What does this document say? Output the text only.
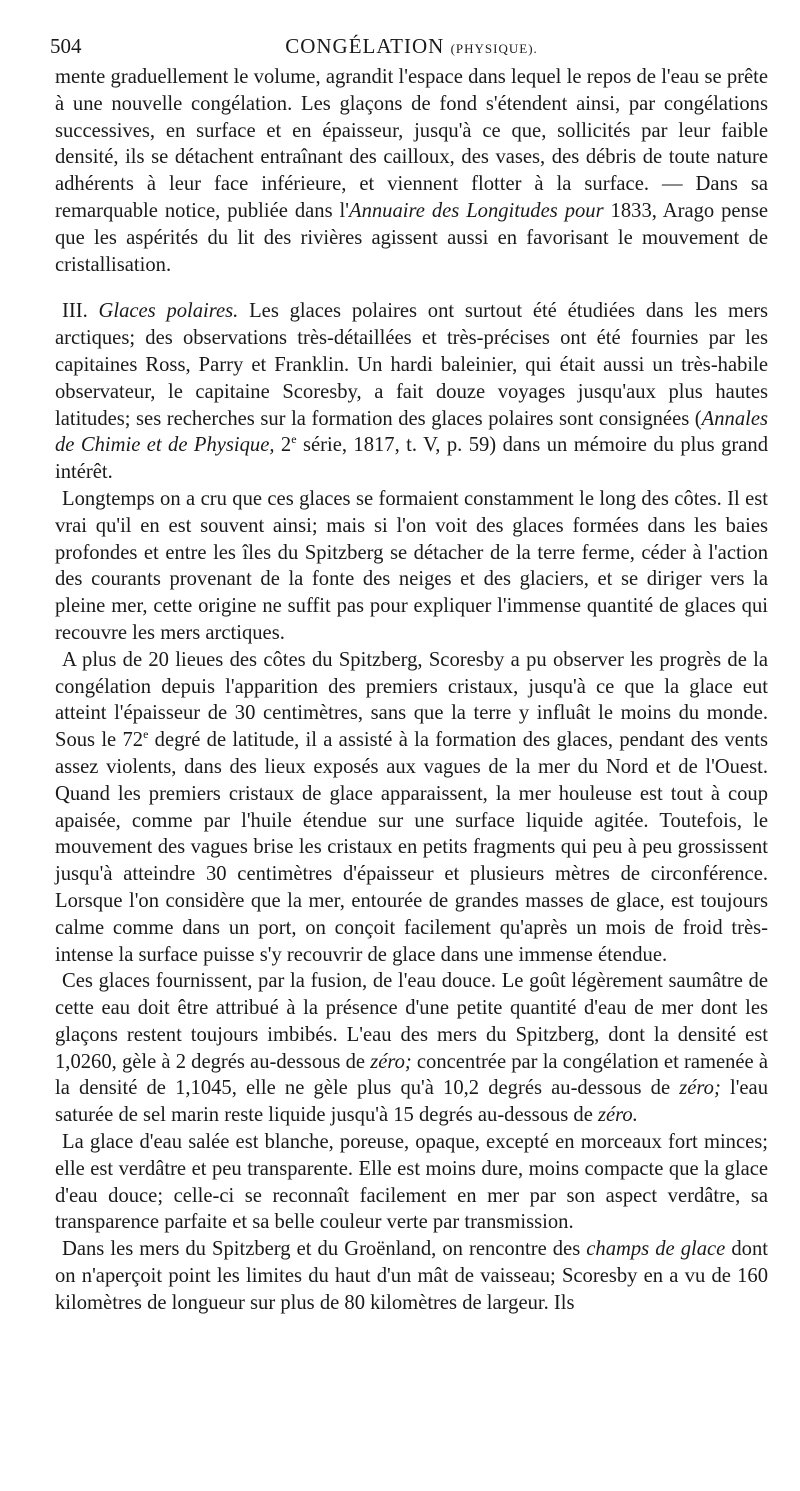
504	CONGÉLATION (PHYSIQUE).

mente graduellement le volume, agrandit l'espace dans lequel le repos de l'eau se prête à une nouvelle congélation. Les glaçons de fond s'étendent ainsi, par congélations successives, en surface et en épaisseur, jusqu'à ce que, sollicités par leur faible densité, ils se détachent entraînant des cailloux, des vases, des débris de toute nature adhérents à leur face inférieure, et viennent flotter à la surface. — Dans sa remarquable notice, publiée dans l'Annuaire des Longitudes pour 1833, Arago pense que les aspérités du lit des rivières agissent aussi en favorisant le mouvement de cristallisation.

III. Glaces polaires. Les glaces polaires ont surtout été étudiées dans les mers arctiques; des observations très-détaillées et très-précises ont été fournies par les capitaines Ross, Parry et Franklin. Un hardi baleinier, qui était aussi un très-habile observateur, le capitaine Scoresby, a fait douze voyages jusqu'aux plus hautes latitudes; ses recherches sur la formation des glaces polaires sont consignées (Annales de Chimie et de Physique, 2e série, 1817, t. V, p. 59) dans un mémoire du plus grand intérêt.

Longtemps on a cru que ces glaces se formaient constamment le long des côtes. Il est vrai qu'il en est souvent ainsi; mais si l'on voit des glaces formées dans les baies profondes et entre les îles du Spitzberg se détacher de la terre ferme, céder à l'action des courants provenant de la fonte des neiges et des glaciers, et se diriger vers la pleine mer, cette origine ne suffit pas pour expliquer l'immense quantité de glaces qui recouvre les mers arctiques.

A plus de 20 lieues des côtes du Spitzberg, Scoresby a pu observer les progrès de la congélation depuis l'apparition des premiers cristaux, jusqu'à ce que la glace eut atteint l'épaisseur de 30 centimètres, sans que la terre y influât le moins du monde. Sous le 72e degré de latitude, il a assisté à la formation des glaces, pendant des vents assez violents, dans des lieux exposés aux vagues de la mer du Nord et de l'Ouest. Quand les premiers cristaux de glace apparaissent, la mer houleuse est tout à coup apaisée, comme par l'huile étendue sur une surface liquide agitée. Toutefois, le mouvement des vagues brise les cristaux en petits fragments qui peu à peu grossissent jusqu'à atteindre 30 centimètres d'épaisseur et plusieurs mètres de circonférence. Lorsque l'on considère que la mer, entourée de grandes masses de glace, est toujours calme comme dans un port, on conçoit facilement qu'après un mois de froid très-intense la surface puisse s'y recouvrir de glace dans une immense étendue.

Ces glaces fournissent, par la fusion, de l'eau douce. Le goût légèrement saumâtre de cette eau doit être attribué à la présence d'une petite quantité d'eau de mer dont les glaçons restent toujours imbibés. L'eau des mers du Spitzberg, dont la densité est 1,0260, gèle à 2 degrés au-dessous de zéro; concentrée par la congélation et ramenée à la densité de 1,1045, elle ne gèle plus qu'à 10,2 degrés au-dessous de zéro; l'eau saturée de sel marin reste liquide jusqu'à 15 degrés au-dessous de zéro.

La glace d'eau salée est blanche, poreuse, opaque, excepté en morceaux fort minces; elle est verdâtre et peu transparente. Elle est moins dure, moins compacte que la glace d'eau douce; celle-ci se reconnaît facilement en mer par son aspect verdâtre, sa transparence parfaite et sa belle couleur verte par transmission.

Dans les mers du Spitzberg et du Groënland, on rencontre des champs de glace dont on n'aperçoit point les limites du haut d'un mât de vaisseau; Scoresby en a vu de 160 kilomètres de longueur sur plus de 80 kilomètres de largeur. Ils
